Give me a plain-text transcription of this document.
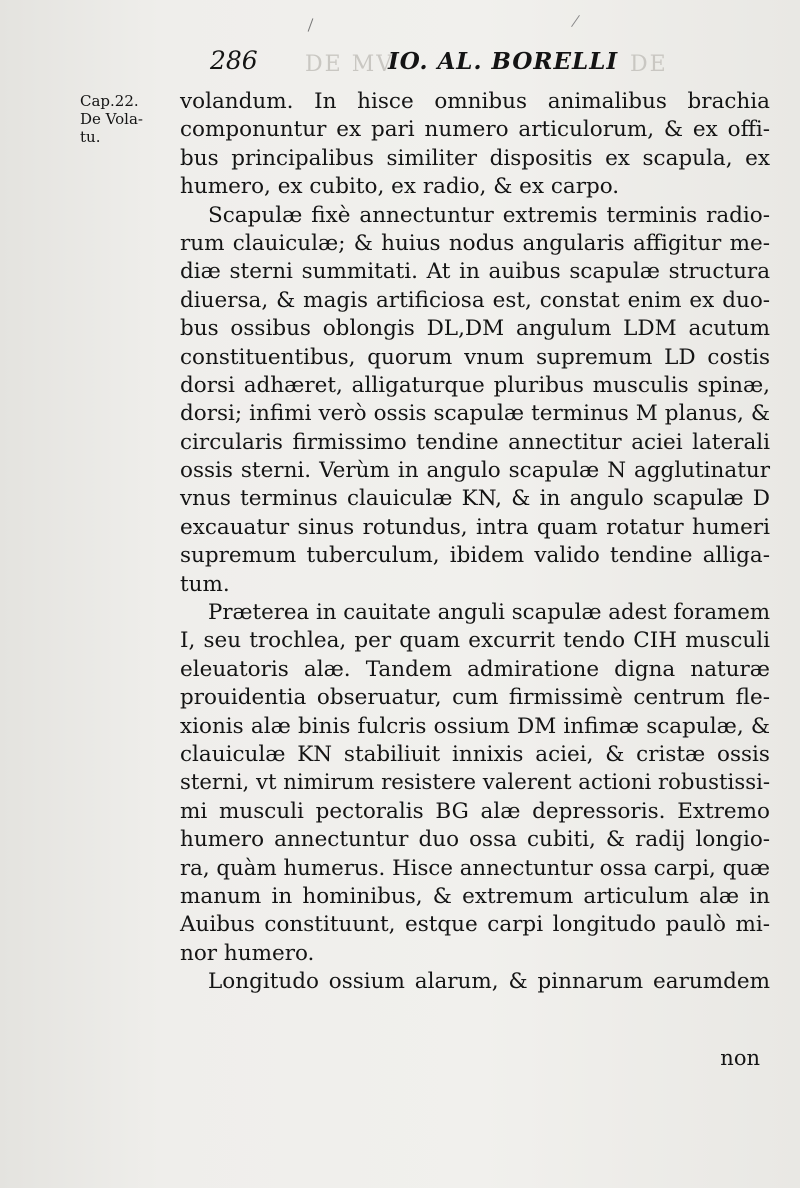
286 DE MV
IO. AL. BORELLI DE
Cap.22.
De Vola-
tu.
volandum. In hisce omnibus animalibus brachia
componuntur ex pari numero articulorum, & ex offi-
bus principalibus similiter dispositis ex scapula, ex
humero, ex cubito, ex radio, & ex carpo.
Scapulæ fixè annectuntur extremis terminis radio-
rum clauiculæ; & huius nodus angularis affigitur me-
diæ sterni summitati. At in auibus scapulæ structura
diuersa, & magis artificiosa est, constat enim ex duo-
bus ossibus oblongis DL,DM angulum LDM acutum
constituentibus, quorum vnum supremum LD costis
dorsi adhæret, alligaturque pluribus musculis spinæ,
dorsi; infimi verò ossis scapulæ terminus M planus, &
circularis firmissimo tendine annectitur aciei laterali
ossis sterni. Verùm in angulo scapulæ N agglutinatur
vnus terminus clauiculæ KN, & in angulo scapulæ D
excauatur sinus rotundus, intra quam rotatur humeri
supremum tuberculum, ibidem valido tendine alliga-
tum.
Præterea in cauitate anguli scapulæ adest foramem
I, seu trochlea, per quam excurrit tendo CIH musculi
eleuatoris alæ. Tandem admiratione digna naturæ
prouidentia obseruatur, cum firmissimè centrum fle-
xionis alæ binis fulcris ossium DM infimæ scapulæ, &
clauiculæ KN stabiliuit innixis aciei, & cristæ ossis
sterni, vt nimirum resistere valerent actioni robustissi-
mi musculi pectoralis BG alæ depressoris. Extremo
humero annectuntur duo ossa cubiti, & radij longio-
ra, quàm humerus. Hisce annectuntur ossa carpi, quæ
manum in hominibus, & extremum articulum alæ in
Auibus constituunt, estque carpi longitudo paulò mi-
nor humero.
Longitudo ossium alarum, & pinnarum earumdem
non
